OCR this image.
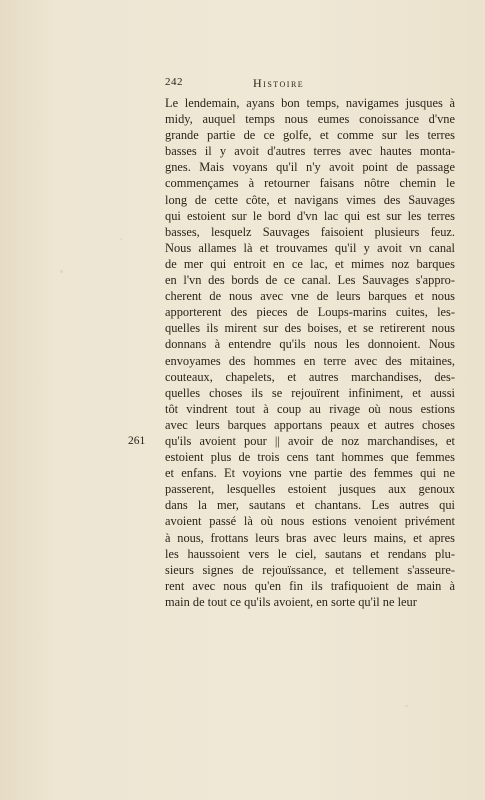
242	Histoire
261
Le lendemain, ayans bon temps, navigames jusques à
midy, auquel temps nous eumes conoissance d'vne
grande partie de ce golfe, et comme sur les terres
basses il y avoit d'autres terres avec hautes monta-
gnes. Mais voyans qu'il n'y avoit point de passage
commençames à retourner faisans nôtre chemin le
long de cette côte, et navigans vimes des Sauvages
qui estoient sur le bord d'vn lac qui est sur les terres
basses, lesquelz Sauvages faisoient plusieurs feuz.
Nous allames là et trouvames qu'il y avoit vn canal
de mer qui entroit en ce lac, et mimes noz barques
en l'vn des bords de ce canal. Les Sauvages s'appro-
cherent de nous avec vne de leurs barques et nous
apporterent des pieces de Loups-marins cuites, les-
quelles ils mirent sur des boises, et se retirerent nous
donnans à entendre qu'ils nous les donnoient. Nous
envoyames des hommes en terre avec des mitaines,
couteaux, chapelets, et autres marchandises, des-
quelles choses ils se rejouïrent infiniment, et aussi
tôt vindrent tout à coup au rivage où nous estions
avec leurs barques apportans peaux et autres choses
qu'ils avoient pour || avoir de noz marchandises, et
estoient plus de trois cens tant hommes que femmes
et enfans. Et voyions vne partie des femmes qui ne
passerent, lesquelles estoient jusques aux genoux
dans la mer, sautans et chantans. Les autres qui
avoient passé là où nous estions venoient privément
à nous, frottans leurs bras avec leurs mains, et apres
les haussoient vers le ciel, sautans et rendans plu-
sieurs signes de rejouïssance, et tellement s'asseure-
rent avec nous qu'en fin ils trafiquoient de main à
main de tout ce qu'ils avoient, en sorte qu'il ne leur
